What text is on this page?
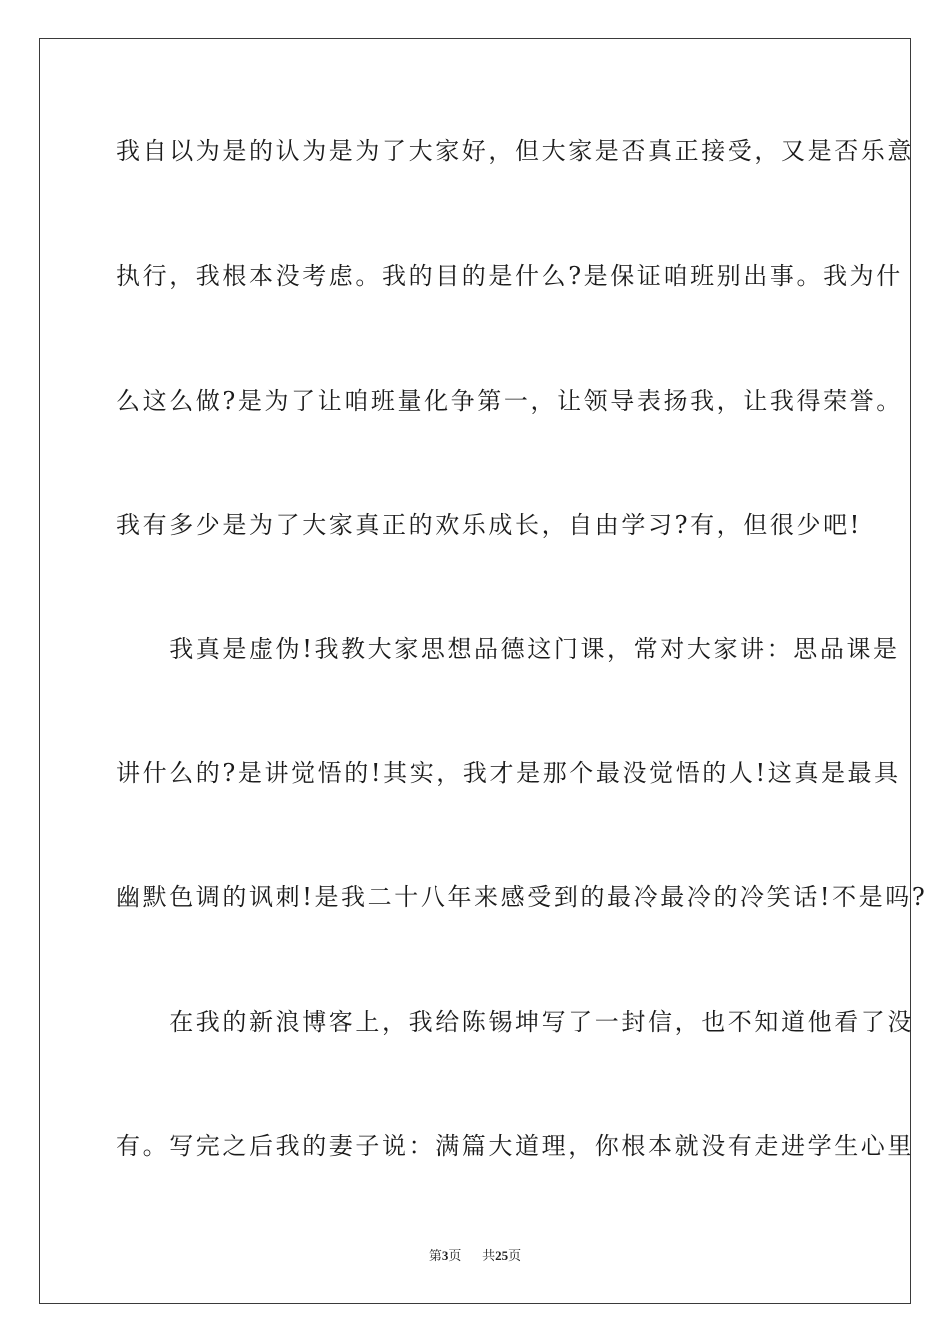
我自以为是的认为是为了大家好，但大家是否真正接受，又是否乐意
执行，我根本没考虑。我的目的是什么?是保证咱班别出事。我为什
么这么做?是为了让咱班量化争第一，让领导表扬我，让我得荣誉。
我有多少是为了大家真正的欢乐成长，自由学习?有，但很少吧!
　　我真是虚伪!我教大家思想品德这门课，常对大家讲：思品课是
讲什么的?是讲觉悟的!其实，我才是那个最没觉悟的人!这真是最具
幽默色调的讽刺!是我二十八年来感受到的最冷最冷的冷笑话!不是吗?
　　在我的新浪博客上，我给陈锡坤写了一封信，也不知道他看了没
有。写完之后我的妻子说：满篇大道理，你根本就没有走进学生心里
第3页 共25页
